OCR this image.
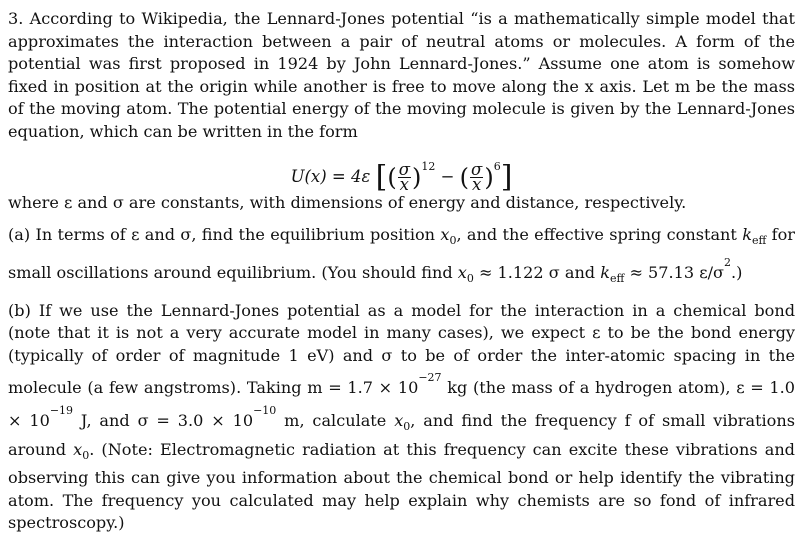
3. According to Wikipedia, the Lennard-Jones potential “is a mathematically simple model that approximates the interaction between a pair of neutral atoms or molecules. A form of the potential was first proposed in 1924 by John Lennard-Jones.” Assume one atom is somehow fixed in position at the origin while another is free to move along the x axis. Let m be the mass of the moving atom. The potential energy of the moving molecule is given by the Lennard-Jones equation, which can be written in the form

U(x) = 4ε [( $\frac{\sigma}{x} )^{12}$ − ( $\frac{\sigma}{x} )^6$]

where ε and σ are constants, with dimensions of energy and distance, respectively.

(a) In terms of ε and σ, find the equilibrium position $x_0$, and the effective spring constant $k_{eff}$ for small oscillations around equilibrium. (You should find $x_0 \approx 1.122$ σ and $k_{eff} \approx 57.13$ $\varepsilon/\sigma^2$.)

(b) If we use the Lennard-Jones potential as a model for the interaction in a chemical bond (note that it is not a very accurate model in many cases), we expect ε to be the bond energy (typically of order of magnitude 1 eV) and σ to be of order the inter-atomic spacing in the molecule (a few angstroms). Taking $m = 1.7 \times 10^{-27}$ kg (the mass of a hydrogen atom), $\varepsilon = 1.0 \times 10^{-19}$ J, and $\sigma = 3.0 \times 10^{-10}$ m, calculate $x_0$, and find the frequency f of small vibrations around $x_0$. (Note: Electromagnetic radiation at this frequency can excite these vibrations and observing this can give you information about the chemical bond or help identify the vibrating atom. The frequency you calculated may help explain why chemists are so fond of infrared spectroscopy.)
